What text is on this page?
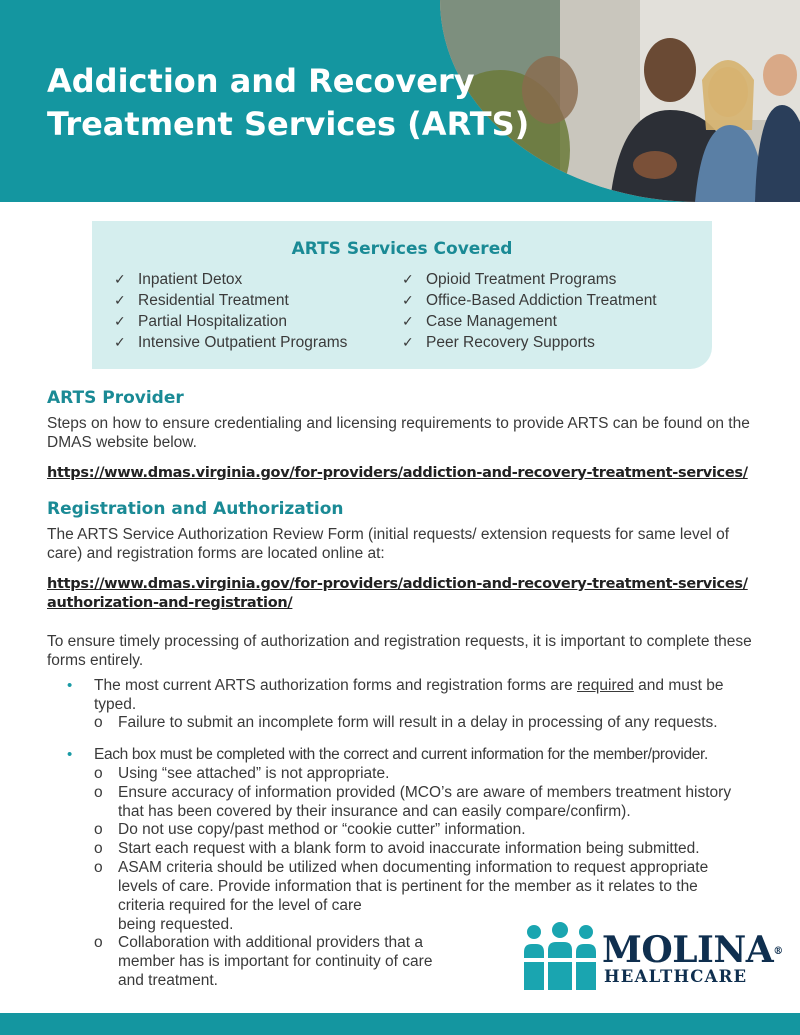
Addiction and Recovery
Treatment Services (ARTS)
ARTS Services Covered
✓ Inpatient Detox
✓ Residential Treatment
✓ Partial Hospitalization
✓ Intensive Outpatient Programs
✓ Opioid Treatment Programs
✓ Office-Based Addiction Treatment
✓ Case Management
✓ Peer Recovery Supports
ARTS Provider
Steps on how to ensure credentialing and licensing requirements to provide ARTS can be found on the DMAS website below.
https://www.dmas.virginia.gov/for-providers/addiction-and-recovery-treatment-services/
Registration and Authorization
The ARTS Service Authorization Review Form (initial requests/ extension requests for same level of care) and registration forms are located online at:
https://www.dmas.virginia.gov/for-providers/addiction-and-recovery-treatment-services/
authorization-and-registration/
To ensure timely processing of authorization and registration requests, it is important to complete these forms entirely.
•	The most current ARTS authorization forms and registration forms are required and must be typed.
o Failure to submit an incomplete form will result in a delay in processing of any requests.
•	Each box must be completed with the correct and current information for the member/provider.
o Using “see attached” is not appropriate.
o Ensure accuracy of information provided (MCO’s are aware of members treatment history that has been covered by their insurance and can easily compare/confirm).
o Do not use copy/past method or “cookie cutter” information.
o Start each request with a blank form to avoid inaccurate information being submitted.
o ASAM criteria should be utilized when documenting information to request appropriate levels of care. Provide information that is pertinent for the member as it relates to the criteria required for the level of care
being requested.
o Collaboration with additional providers that a
member has is important for continuity of care
and treatment.
MOLINA®
HEALTHCARE
